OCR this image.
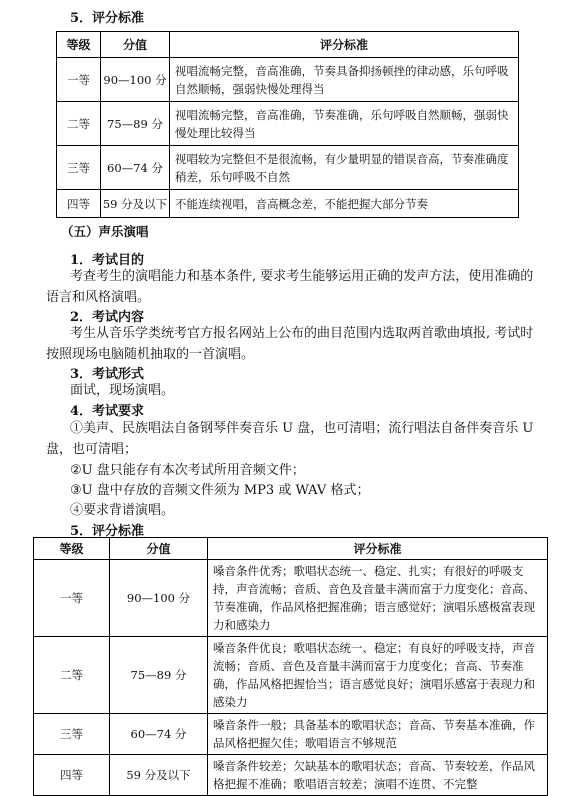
5．评分标准
等级	分值	评分标准
一等	90—100 分	视唱流畅完整，音高准确，节奏具备抑扬顿挫的律动感，乐句呼吸自然顺畅，强弱快慢处理得当
二等	75—89 分	视唱流畅完整，音高准确，节奏准确，乐句呼吸自然顺畅，强弱快慢处理比较得当
三等	60—74 分	视唱较为完整但不是很流畅，有少量明显的错误音高，节奏准确度稍差，乐句呼吸不自然
四等	59 分及以下	不能连续视唱，音高概念差，不能把握大部分节奏
（五）声乐演唱
1．考试目的
考查考生的演唱能力和基本条件, 要求考生能够运用正确的发声方法，使用准确的
语言和风格演唱。
2．考试内容
考生从音乐学类统考官方报名网站上公布的曲目范围内选取两首歌曲填报, 考试时
按照现场电脑随机抽取的一首演唱。
3．考试形式
面试，现场演唱。
4．考试要求
①美声、民族唱法自备钢琴伴奏音乐 U 盘，也可清唱；流行唱法自备伴奏音乐 U
盘，也可清唱；
②U 盘只能存有本次考试所用音频文件；
③U 盘中存放的音频文件须为 MP3 或 WAV 格式；
④要求背谱演唱。
5．评分标准
等级	分值	评分标准
一等	90—100 分	嗓音条件优秀；歌唱状态统一、稳定、扎实；有很好的呼吸支持，声音流畅；音质、音色及音量丰满而富于力度变化；音高、节奏准确，作品风格把握准确；语言感觉好；演唱乐感极富表现力和感染力
二等	75—89 分	嗓音条件优良；歌唱状态统一、稳定；有良好的呼吸支持，声音流畅；音质、音色及音量丰满而富于力度变化；音高、节奏准确，作品风格把握恰当；语言感觉良好；演唱乐感富于表现力和感染力
三等	60—74 分	嗓音条件一般；具备基本的歌唱状态；音高、节奏基本准确，作品风格把握欠佳；歌唱语言不够规范
四等	59 分及以下	嗓音条件较差；欠缺基本的歌唱状态；音高、节奏较差，作品风格把握不准确；歌唱语言较差；演唱不连贯、不完整
